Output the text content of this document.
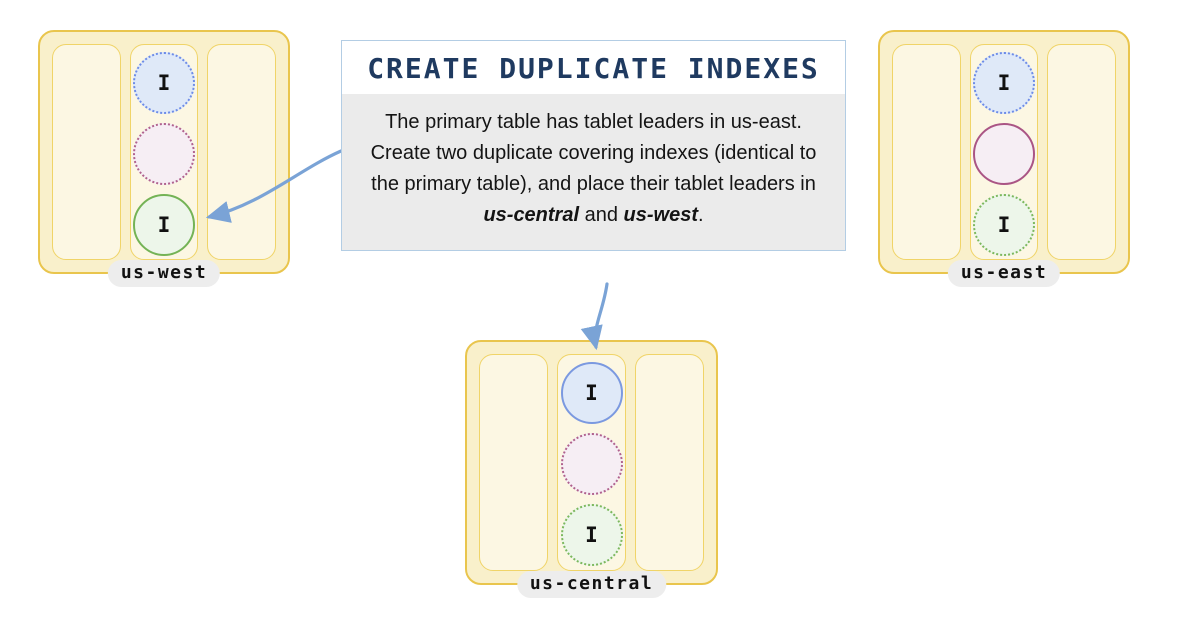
I
I
us-west
I
I
us-east
I
I
us-central
CREATE DUPLICATE INDEXES
The primary table has tablet leaders in us-east. Create two duplicate covering indexes (identical to the primary table), and place their tablet leaders in us-central and us-west.
